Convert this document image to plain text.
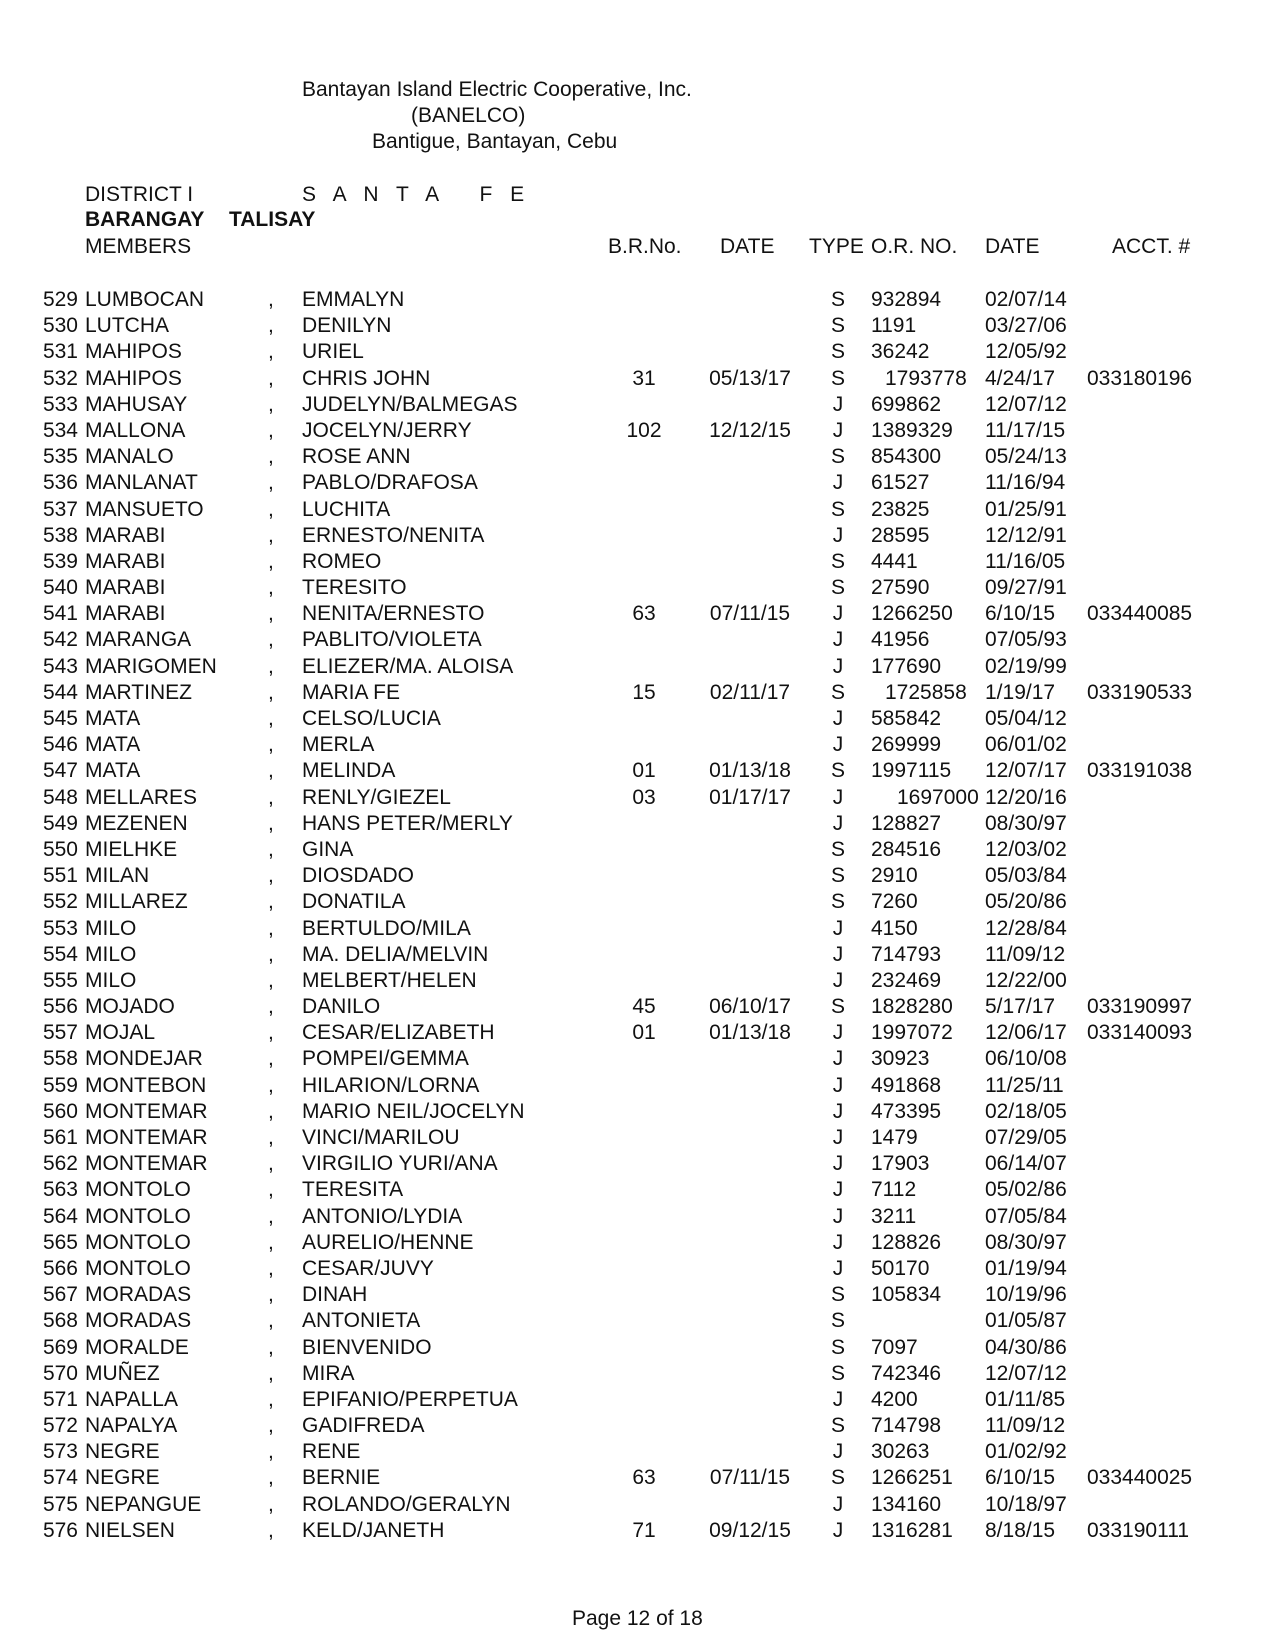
Bantayan Island Electric Cooperative, Inc.
(BANELCO)
Bantigue, Bantayan, Cebu
DISTRICT I	S A N T A   F E
BARANGAY TALISAY
MEMBERS	B.R.No. DATE TYPE O.R. NO. DATE	ACCT. #
529 LUMBOCAN	, EMMALYN	S	932894 02/07/14
530 LUTCHA	, DENILYN	S	1191	03/27/06
531 MAHIPOS	, URIEL	S	36242	12/05/92
532 MAHIPOS	, CHRIS JOHN	31	05/13/17	S	1793778 4/24/17 033180196
533 MAHUSAY	, JUDELYN/BALMEGAS	J	699862 12/07/12
534 MALLONA	, JOCELYN/JERRY	102	12/12/15	J	1389329 11/17/15
535 MANALO	, ROSE ANN	S	854300 05/24/13
536 MANLANAT	, PABLO/DRAFOSA	J	61527	11/16/94
537 MANSUETO	, LUCHITA	S	23825	01/25/91
538 MARABI	, ERNESTO/NENITA	J	28595	12/12/91
539 MARABI	, ROMEO	S	4441	11/16/05
540 MARABI	, TERESITO	S	27590	09/27/91
541 MARABI	, NENITA/ERNESTO	63	07/11/15	J	1266250 6/10/15 033440085
542 MARANGA	, PABLITO/VIOLETA	J	41956	07/05/93
543 MARIGOMEN , ELIEZER/MA. ALOISA	J	177690 02/19/99
544 MARTINEZ	, MARIA FE	15	02/11/17	S	1725858 1/19/17 033190533
545 MATA	, CELSO/LUCIA	J	585842 05/04/12
546 MATA	, MERLA	J	269999 06/01/02
547 MATA	, MELINDA	01	01/13/18	S	1997115 12/07/17 033191038
548 MELLARES	, RENLY/GIEZEL	03	01/17/17	J	1697000 12/20/16
549 MEZENEN	, HANS PETER/MERLY	J	128827 08/30/97
550 MIELHKE	, GINA	S	284516 12/03/02
551 MILAN	, DIOSDADO	S	2910	05/03/84
552 MILLAREZ	, DONATILA	S	7260	05/20/86
553 MILO	, BERTULDO/MILA	J	4150	12/28/84
554 MILO	, MA. DELIA/MELVIN	J	714793 11/09/12
555 MILO	, MELBERT/HELEN	J	232469 12/22/00
556 MOJADO	, DANILO	45	06/10/17	S	1828280 5/17/17 033190997
557 MOJAL	, CESAR/ELIZABETH	01	01/13/18	J	1997072 12/06/17 033140093
558 MONDEJAR	, POMPEI/GEMMA	J	30923	06/10/08
559 MONTEBON	, HILARION/LORNA	J	491868 11/25/11
560 MONTEMAR	, MARIO NEIL/JOCELYN	J	473395 02/18/05
561 MONTEMAR	, VINCI/MARILOU	J	1479	07/29/05
562 MONTEMAR	, VIRGILIO YURI/ANA	J	17903	06/14/07
563 MONTOLO	, TERESITA	J	7112	05/02/86
564 MONTOLO	, ANTONIO/LYDIA	J	3211	07/05/84
565 MONTOLO	, AURELIO/HENNE	J	128826 08/30/97
566 MONTOLO	, CESAR/JUVY	J	50170	01/19/94
567 MORADAS	, DINAH	S	105834 10/19/96
568 MORADAS	, ANTONIETA	S	01/05/87
569 MORALDE	, BIENVENIDO	S	7097	04/30/86
570 MUÑEZ	, MIRA	S	742346 12/07/12
571 NAPALLA	, EPIFANIO/PERPETUA	J	4200	01/11/85
572 NAPALYA	, GADIFREDA	S	714798 11/09/12
573 NEGRE	, RENE	J	30263	01/02/92
574 NEGRE	, BERNIE	63	07/11/15	S	1266251 6/10/15 033440025
575 NEPANGUE	, ROLANDO/GERALYN	J	134160 10/18/97
576 NIELSEN	, KELD/JANETH	71	09/12/15	J	1316281 8/18/15 033190111
Page 12 of 18
